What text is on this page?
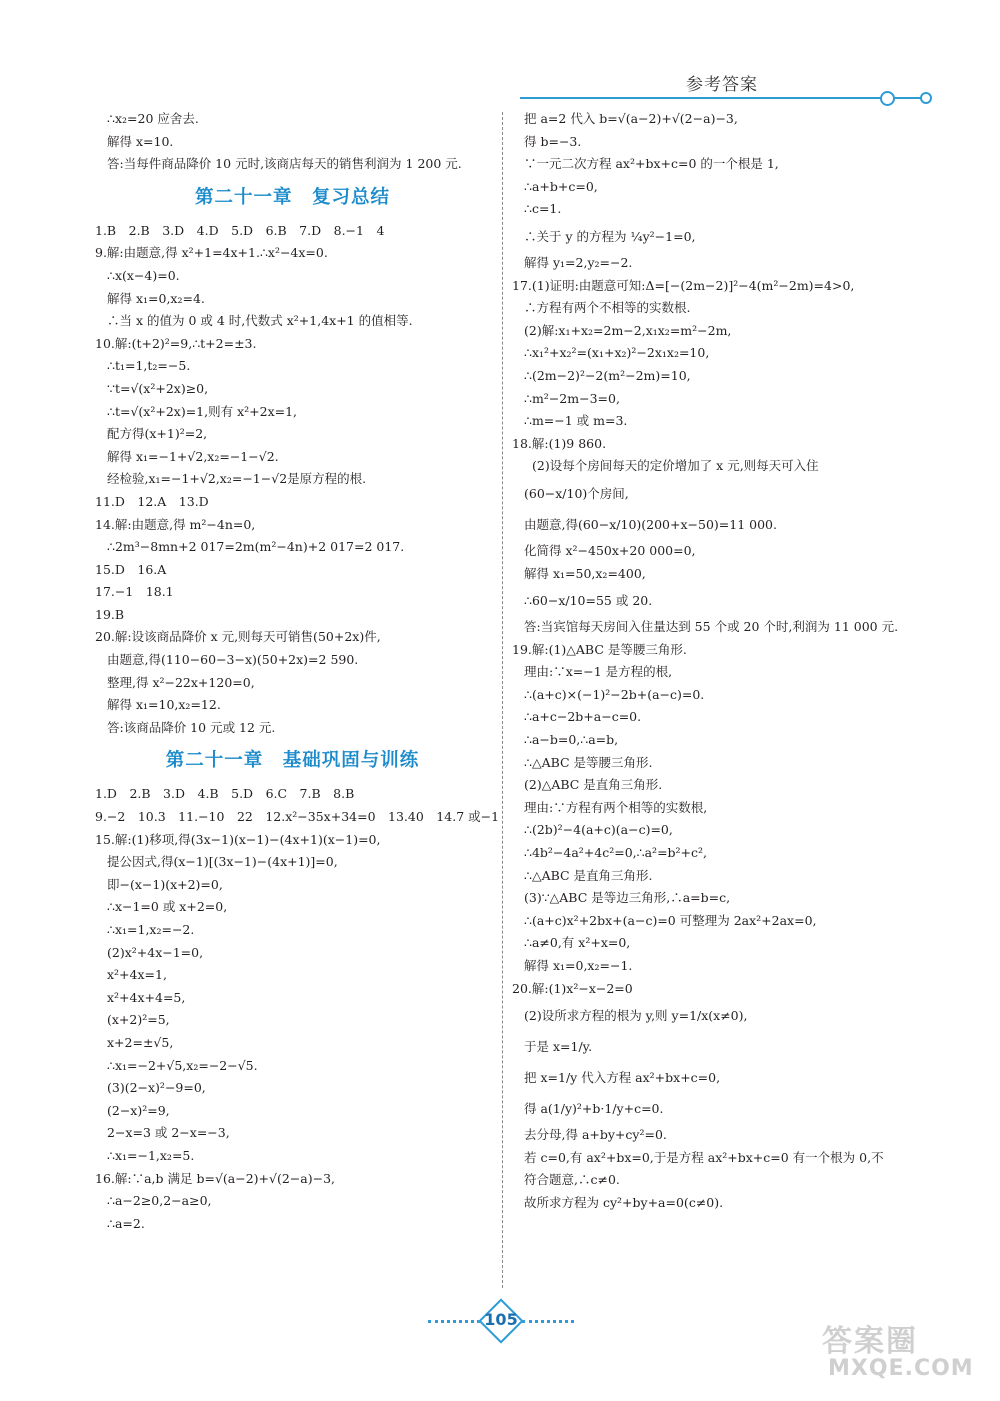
参考答案
∴x₂=20 应舍去.
解得 x=10.
答:当每件商品降价 10 元时,该商店每天的销售利润为 1 200 元.
第二十一章　复习总结
1.B　2.B　3.D　4.D　5.D　6.B　7.D　8.−1　4
9.解:由题意,得 x²+1=4x+1.∴x²−4x=0.
∴x(x−4)=0.
解得 x₁=0,x₂=4.
∴当 x 的值为 0 或 4 时,代数式 x²+1,4x+1 的值相等.
10.解:(t+2)²=9,∴t+2=±3.
∴t₁=1,t₂=−5.
∵t=√(x²+2x)≥0,
∴t=√(x²+2x)=1,则有 x²+2x=1,
配方得(x+1)²=2,
解得 x₁=−1+√2,x₂=−1−√2.
经检验,x₁=−1+√2,x₂=−1−√2是原方程的根.
11.D　12.A　13.D
14.解:由题意,得 m²−4n=0,
∴2m³−8mn+2 017=2m(m²−4n)+2 017=2 017.
15.D　16.A
17.−1　18.1
19.B
20.解:设该商品降价 x 元,则每天可销售(50+2x)件,
由题意,得(110−60−3−x)(50+2x)=2 590.
整理,得 x²−22x+120=0,
解得 x₁=10,x₂=12.
答:该商品降价 10 元或 12 元.
第二十一章　基础巩固与训练
1.D　2.B　3.D　4.B　5.D　6.C　7.B　8.B
9.−2　10.3　11.−10　22　12.x²−35x+34=0　13.40　14.7 或−1
15.解:(1)移项,得(3x−1)(x−1)−(4x+1)(x−1)=0,
提公因式,得(x−1)[(3x−1)−(4x+1)]=0,
即−(x−1)(x+2)=0,
∴x−1=0 或 x+2=0,
∴x₁=1,x₂=−2.
(2)x²+4x−1=0,
x²+4x=1,
x²+4x+4=5,
(x+2)²=5,
x+2=±√5,
∴x₁=−2+√5,x₂=−2−√5.
(3)(2−x)²−9=0,
(2−x)²=9,
2−x=3 或 2−x=−3,
∴x₁=−1,x₂=5.
16.解:∵a,b 满足 b=√(a−2)+√(2−a)−3,
∴a−2≥0,2−a≥0,
∴a=2.
把 a=2 代入 b=√(a−2)+√(2−a)−3,
得 b=−3.
∵一元二次方程 ax²+bx+c=0 的一个根是 1,
∴a+b+c=0,
∴c=1.
∴关于 y 的方程为 ¼y²−1=0,
解得 y₁=2,y₂=−2.
17.(1)证明:由题意可知:Δ=[−(2m−2)]²−4(m²−2m)=4>0,
∴方程有两个不相等的实数根.
(2)解:x₁+x₂=2m−2,x₁x₂=m²−2m,
∴x₁²+x₂²=(x₁+x₂)²−2x₁x₂=10,
∴(2m−2)²−2(m²−2m)=10,
∴m²−2m−3=0,
∴m=−1 或 m=3.
18.解:(1)9 860.
(2)设每个房间每天的定价增加了 x 元,则每天可入住
(60−x/10)个房间,
由题意,得(60−x/10)(200+x−50)=11 000.
化简得 x²−450x+20 000=0,
解得 x₁=50,x₂=400,
∴60−x/10=55 或 20.
答:当宾馆每天房间入住量达到 55 个或 20 个时,利润为 11 000 元.
19.解:(1)△ABC 是等腰三角形.
理由:∵x=−1 是方程的根,
∴(a+c)×(−1)²−2b+(a−c)=0.
∴a+c−2b+a−c=0.
∴a−b=0,∴a=b,
∴△ABC 是等腰三角形.
(2)△ABC 是直角三角形.
理由:∵方程有两个相等的实数根,
∴(2b)²−4(a+c)(a−c)=0,
∴4b²−4a²+4c²=0,∴a²=b²+c²,
∴△ABC 是直角三角形.
(3)∵△ABC 是等边三角形,∴a=b=c,
∴(a+c)x²+2bx+(a−c)=0 可整理为 2ax²+2ax=0,
∴a≠0,有 x²+x=0,
解得 x₁=0,x₂=−1.
20.解:(1)x²−x−2=0
(2)设所求方程的根为 y,则 y=1/x(x≠0),
于是 x=1/y.
把 x=1/y 代入方程 ax²+bx+c=0,
得 a(1/y)²+b·1/y+c=0.
去分母,得 a+by+cy²=0.
若 c=0,有 ax²+bx=0,于是方程 ax²+bx+c=0 有一个根为 0,不
符合题意,∴c≠0.
故所求方程为 cy²+by+a=0(c≠0).
105
答案圈
MXQE.COM
